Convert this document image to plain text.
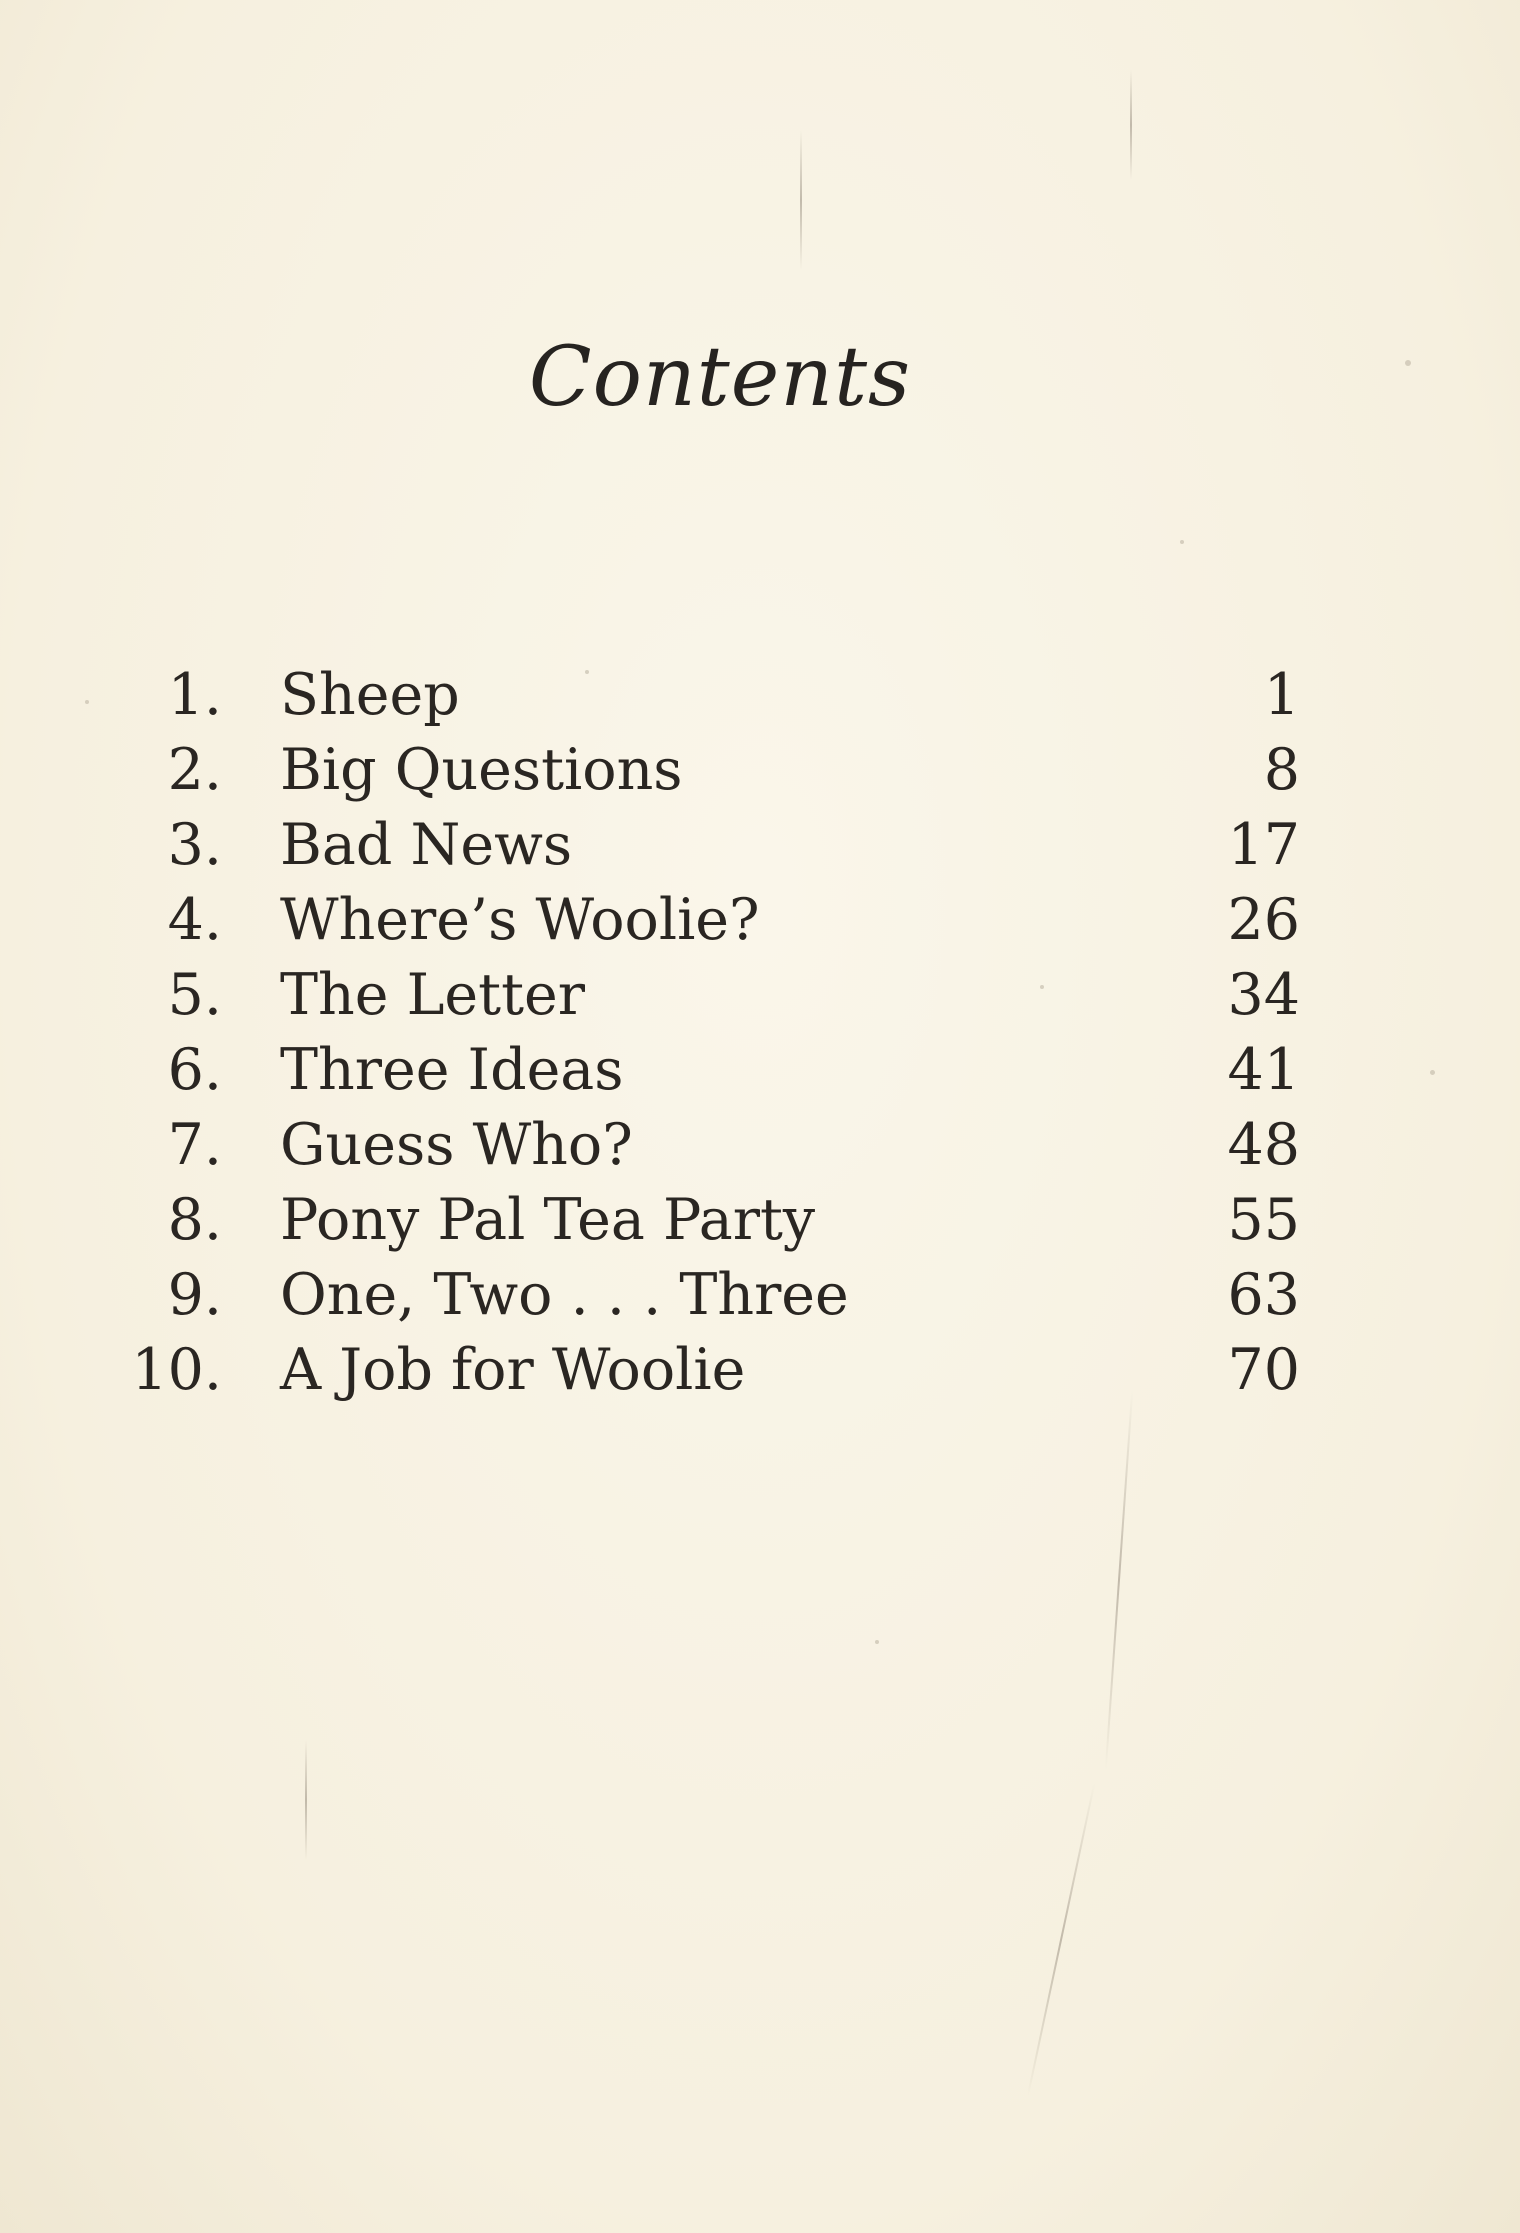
Contents
1. Sheep	1
2. Big Questions	8
3. Bad News	17
4. Where’s Woolie?	26
5. The Letter	34
6. Three Ideas	41
7. Guess Who?	48
8. Pony Pal Tea Party	55
9. One, Two . . . Three	63
10. A Job for Woolie	70
